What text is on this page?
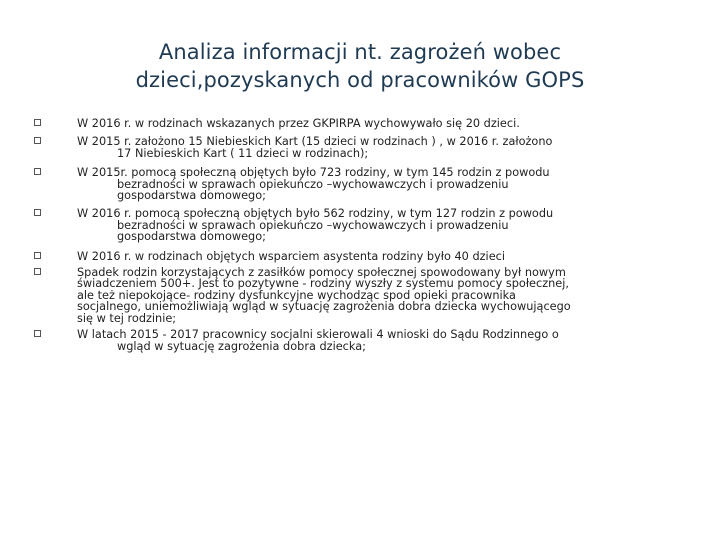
Analiza informacji nt. zagrożeń wobec
dzieci,pozyskanych od pracowników GOPS
W 2016 r. w rodzinach wskazanych przez GKPIRPA wychowywało się 20 dzieci.
W 2015 r. założono 15 Niebieskich Kart (15 dzieci w rodzinach ) , w 2016 r. założono
17 Niebieskich Kart ( 11 dzieci w rodzinach);
W 2015r. pomocą społeczną objętych było 723 rodziny, w tym 145 rodzin z powodu
bezradności w sprawach opiekuńczo –wychowawczych i prowadzeniu
gospodarstwa domowego;
W 2016 r. pomocą społeczną objętych było 562 rodziny, w tym 127 rodzin z powodu
bezradności w sprawach opiekuńczo –wychowawczych i prowadzeniu
gospodarstwa domowego;
W 2016 r. w rodzinach objętych wsparciem asystenta rodziny było 40 dzieci
Spadek rodzin korzystających z zasiłków pomocy społecznej spowodowany był nowym
świadczeniem 500+. Jest to pozytywne - rodziny wyszły z systemu pomocy społecznej,
ale też niepokojące- rodziny dysfunkcyjne wychodząc spod opieki pracownika
socjalnego, uniemożliwiają wgląd w sytuację zagrożenia dobra dziecka wychowującego
się w tej rodzinie;
W latach 2015 - 2017 pracownicy socjalni skierowali 4 wnioski do Sądu Rodzinnego o
wgląd w sytuację zagrożenia dobra dziecka;
